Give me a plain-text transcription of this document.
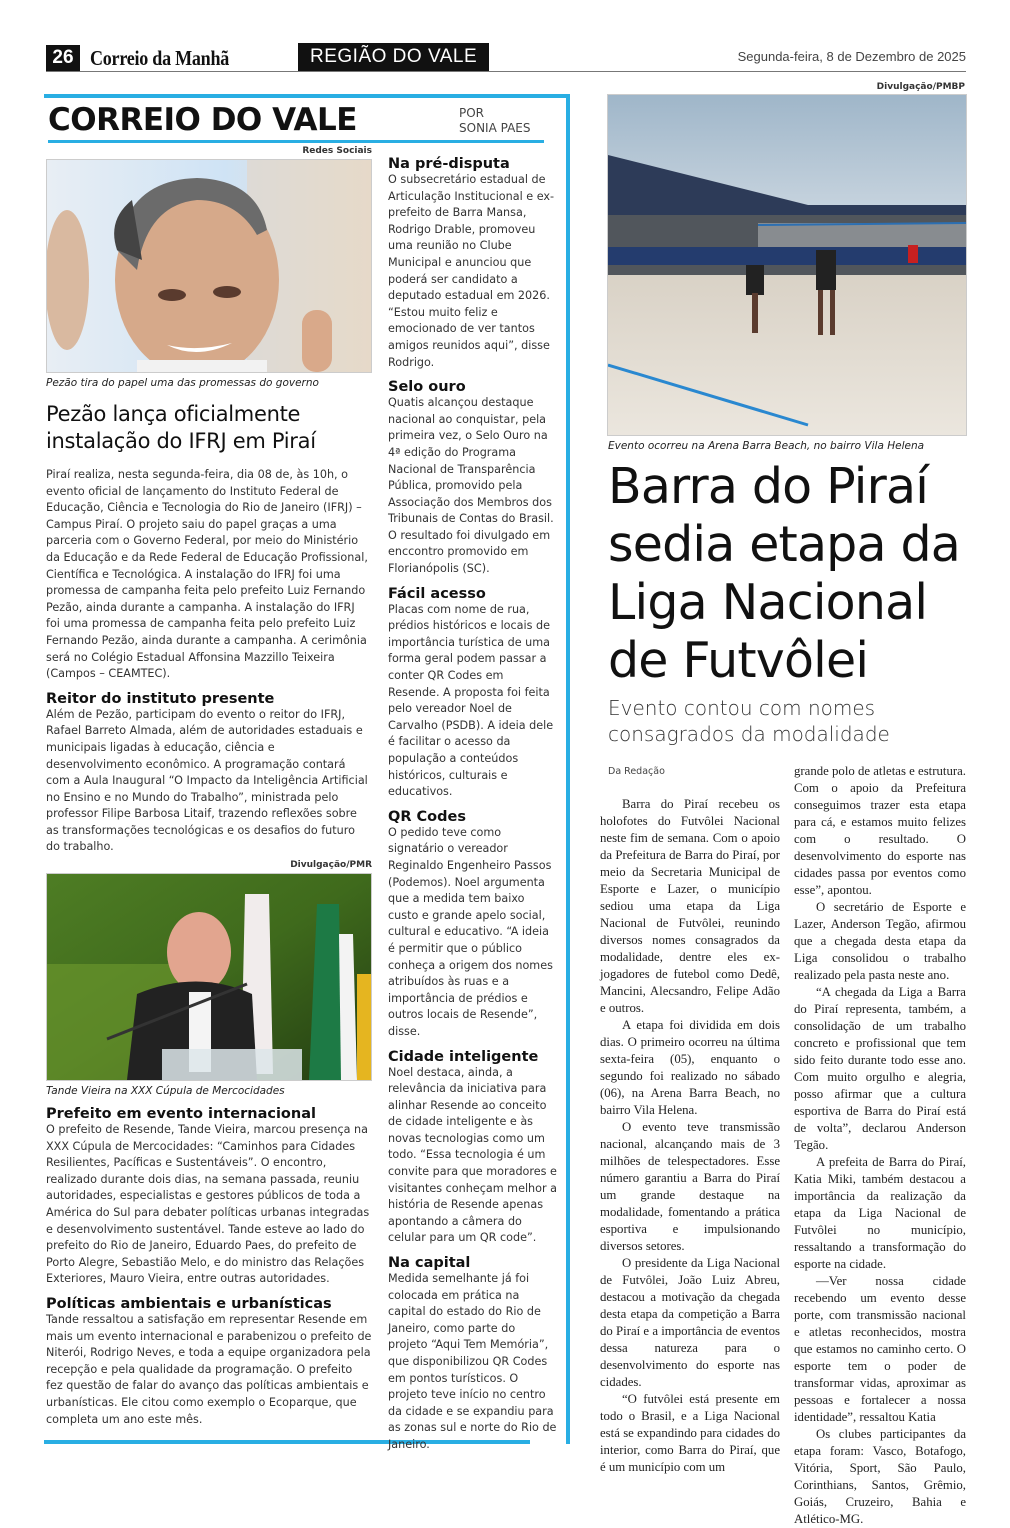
26 Correio da Manhã	REGIÃO DO VALE	Segunda-feira, 8 de Dezembro de 2025
CORREIO DO VALE	POR
SONIA PAES
Redes Sociais
Pezão tira do papel uma das promessas do governo
Pezão lança oficialmente instalação do IFRJ em Piraí
Piraí realiza, nesta segunda-feira, dia 08 de, às 10h, o evento oficial de lançamento do Instituto Federal de Educação, Ciência e Tecnologia do Rio de Janeiro (IFRJ) – Campus Piraí. O projeto saiu do papel graças a uma parceria com o Governo Federal, por meio do Ministério da Educação e da Rede Federal de Educação Profissional, Científica e Tecnológica. A instalação do IFRJ foi uma promessa de campanha feita pelo prefeito Luiz Fernando Pezão, ainda durante a campanha. A instalação do IFRJ foi uma promessa de campanha feita pelo prefeito Luiz Fernando Pezão, ainda durante a campanha. A cerimônia será no Colégio Estadual Affonsina Mazzillo Teixeira (Campos – CEAMTEC).
Reitor do instituto presente
Além de Pezão, participam do evento o reitor do IFRJ, Rafael Barreto Almada, além de autoridades estaduais e municipais ligadas à educação, ciência e desenvolvimento econômico. A programação contará com a Aula Inaugural “O Impacto da Inteligência Artificial no Ensino e no Mundo do Trabalho”, ministrada pelo professor Filipe Barbosa Litaif, trazendo reflexões sobre as transformações tecnológicas e os desafios do futuro do trabalho.
Divulgação/PMR
Tande Vieira na XXX Cúpula de Mercocidades
Prefeito em evento internacional
O prefeito de Resende, Tande Vieira, marcou presença na XXX Cúpula de Mercocidades: “Caminhos para Cidades Resilientes, Pacíficas e Sustentáveis”. O encontro, realizado durante dois dias, na semana passada, reuniu autoridades, especialistas e gestores públicos de toda a América do Sul para debater políticas urbanas integradas e desenvolvimento sustentável. Tande esteve ao lado do prefeito do Rio de Janeiro, Eduardo Paes, do prefeito de Porto Alegre, Sebastião Melo, e do ministro das Relações Exteriores, Mauro Vieira, entre outras autoridades.
Políticas ambientais e urbanísticas
Tande ressaltou a satisfação em representar Resende em mais um evento internacional e parabenizou o prefeito de Niterói, Rodrigo Neves, e toda a equipe organizadora pela recepção e pela qualidade da programação. O prefeito fez questão de falar do avanço das políticas ambientais e urbanísticas. Ele citou como exemplo o Ecoparque, que completa um ano este mês.
Na pré-disputa
O subsecretário estadual de Articulação Institucional e ex-prefeito de Barra Mansa, Rodrigo Drable, promoveu uma reunião no Clube Municipal e anunciou que poderá ser candidato a deputado estadual em 2026. “Estou muito feliz e emocionado de ver tantos amigos reunidos aqui”, disse Rodrigo.
Selo ouro
Quatis alcançou destaque nacional ao conquistar, pela primeira vez, o Selo Ouro na 4ª edição do Programa Nacional de Transparência Pública, promovido pela Associação dos Membros dos Tribunais de Contas do Brasil. O resultado foi divulgado em enccontro promovido em Florianópolis (SC).
Fácil acesso
Placas com nome de rua, prédios históricos e locais de importância turística de uma forma geral podem passar a conter QR Codes em Resende. A proposta foi feita pelo vereador Noel de Carvalho (PSDB). A ideia dele é facilitar o acesso da população a conteúdos históricos, culturais e educativos.
QR Codes
O pedido teve como signatário o vereador Reginaldo Engenheiro Passos (Podemos). Noel argumenta que a medida tem baixo custo e grande apelo social, cultural e educativo. “A ideia é permitir que o público conheça a origem dos nomes atribuídos às ruas e a importância de prédios e outros locais de Resende”, disse.
Cidade inteligente
Noel destaca, ainda, a relevância da iniciativa para alinhar Resende ao conceito de cidade inteligente e às novas tecnologias como um todo. “Essa tecnologia é um convite para que moradores e visitantes conheçam melhor a história de Resende apenas apontando a câmera do celular para um QR code”.
Na capital
Medida semelhante já foi colocada em prática na capital do estado do Rio de Janeiro, como parte do projeto “Aqui Tem Memória”, que disponibilizou QR Codes em pontos turísticos. O projeto teve início no centro da cidade e se expandiu para as zonas sul e norte do Rio de Janeiro.
Divulgação/PMBP
Evento ocorreu na Arena Barra Beach, no bairro Vila Helena
Barra do Piraí sedia etapa da Liga Nacional de Futvôlei
Evento contou com nomes consagrados da modalidade
Da Redação

Barra do Piraí recebeu os holofotes do Futvôlei Nacional neste fim de semana. Com o apoio da Prefeitura de Barra do Piraí, por meio da Secretaria Municipal de Esporte e Lazer, o município sediou uma etapa da Liga Nacional de Futvôlei, reunindo diversos nomes consagrados da modalidade, dentre eles ex-jogadores de futebol como Dedê, Mancini, Alecsandro, Felipe Adão e outros.

A etapa foi dividida em dois dias. O primeiro ocorreu na última sexta-feira (05), enquanto o segundo foi realizado no sábado (06), na Arena Barra Beach, no bairro Vila Helena.

O evento teve transmissão nacional, alcançando mais de 3 milhões de telespectadores. Esse número garantiu a Barra do Piraí um grande destaque na modalidade, fomentando a prática esportiva e impulsionando diversos setores.

O presidente da Liga Nacional de Futvôlei, João Luiz Abreu, destacou a motivação da chegada desta etapa da competição a Barra do Piraí e a importância de eventos dessa natureza para o desenvolvimento do esporte nas cidades.

“O futvôlei está presente em todo o Brasil, e a Liga Nacional está se expandindo para cidades do interior, como Barra do Piraí, que é um município com um

grande polo de atletas e estrutura. Com o apoio da Prefeitura conseguimos trazer esta etapa para cá, e estamos muito felizes com o resultado. O desenvolvimento do esporte nas cidades passa por eventos como esse”, apontou.

O secretário de Esporte e Lazer, Anderson Tegão, afirmou que a chegada desta etapa da Liga consolidou o trabalho realizado pela pasta neste ano.

“A chegada da Liga a Barra do Piraí representa, também, a consolidação de um trabalho concreto e profissional que tem sido feito durante todo esse ano. Com muito orgulho e alegria, posso afirmar que a cultura esportiva de Barra do Piraí está de volta”, declarou Anderson Tegão.

A prefeita de Barra do Piraí, Katia Miki, também destacou a importância da realização da etapa da Liga Nacional de Futvôlei no município, ressaltando a transformação do esporte na cidade.

—Ver nossa cidade recebendo um evento desse porte, com transmissão nacional e atletas reconhecidos, mostra que estamos no caminho certo. O esporte tem o poder de transformar vidas, aproximar as pessoas e fortalecer a nossa identidade”, ressaltou Katia

Os clubes participantes da etapa foram: Vasco, Botafogo, Vitória, Sport, São Paulo, Corinthians, Santos, Grêmio, Goiás, Cruzeiro, Bahia e Atlético-MG.
